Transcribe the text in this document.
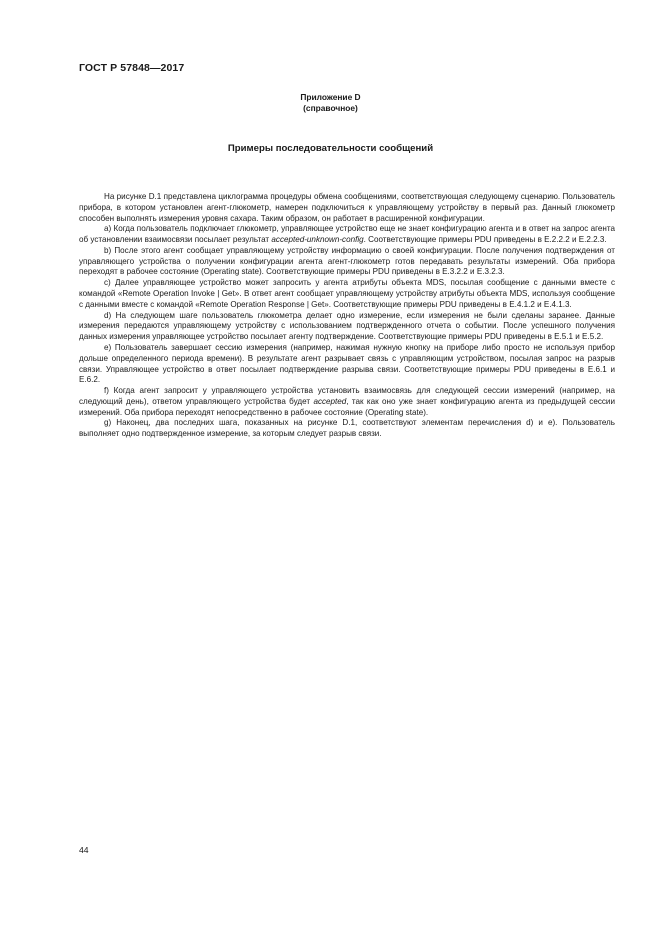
ГОСТ Р 57848—2017
Приложение D
(справочное)
Примеры последовательности сообщений

На рисунке D.1 представлена циклограмма процедуры обмена сообщениями, соответствующая следующему сценарию. Пользователь прибора, в котором установлен агент-глюкометр, намерен подключиться к управляющему устройству в первый раз. Данный глюкометр способен выполнять измерения уровня сахара. Таким образом, он работает в расширенной конфигурации.

a) Когда пользователь подключает глюкометр, управляющее устройство еще не знает конфигурацию агента и в ответ на запрос агента об установлении взаимосвязи посылает результат accepted-unknown-config. Соответствующие примеры PDU приведены в E.2.2.2 и E.2.2.3.

b) После этого агент сообщает управляющему устройству информацию о своей конфигурации. После получения подтверждения от управляющего устройства о получении конфигурации агента агент-глюкометр готов передавать результаты измерений. Оба прибора переходят в рабочее состояние (Operating state). Соответствующие примеры PDU приведены в E.3.2.2 и E.3.2.3.

c) Далее управляющее устройство может запросить у агента атрибуты объекта MDS, посылая сообщение с данными вместе с командой «Remote Operation Invoke | Get». В ответ агент сообщает управляющему устройству атрибуты объекта MDS, используя сообщение с данными вместе с командой «Remote Operation Response | Get». Соответствующие примеры PDU приведены в E.4.1.2 и E.4.1.3.

d) На следующем шаге пользователь глюкометра делает одно измерение, если измерения не были сделаны заранее. Данные измерения передаются управляющему устройству с использованием подтвержденного отчета о событии. После успешного получения данных измерения управляющее устройство посылает агенту подтверждение. Соответствующие примеры PDU приведены в E.5.1 и E.5.2.

e) Пользователь завершает сессию измерения (например, нажимая нужную кнопку на приборе либо просто не используя прибор дольше определенного периода времени). В результате агент разрывает связь с управляющим устройством, посылая запрос на разрыв связи. Управляющее устройство в ответ посылает подтверждение разрыва связи. Соответствующие примеры PDU приведены в E.6.1 и E.6.2.

f) Когда агент запросит у управляющего устройства установить взаимосвязь для следующей сессии измерений (например, на следующий день), ответом управляющего устройства будет accepted, так как оно уже знает конфигурацию агента из предыдущей сессии измерений. Оба прибора переходят непосредственно в рабочее состояние (Operating state).

g) Наконец, два последних шага, показанных на рисунке D.1, соответствуют элементам перечисления d) и e). Пользователь выполняет одно подтвержденное измерение, за которым следует разрыв связи.

44
